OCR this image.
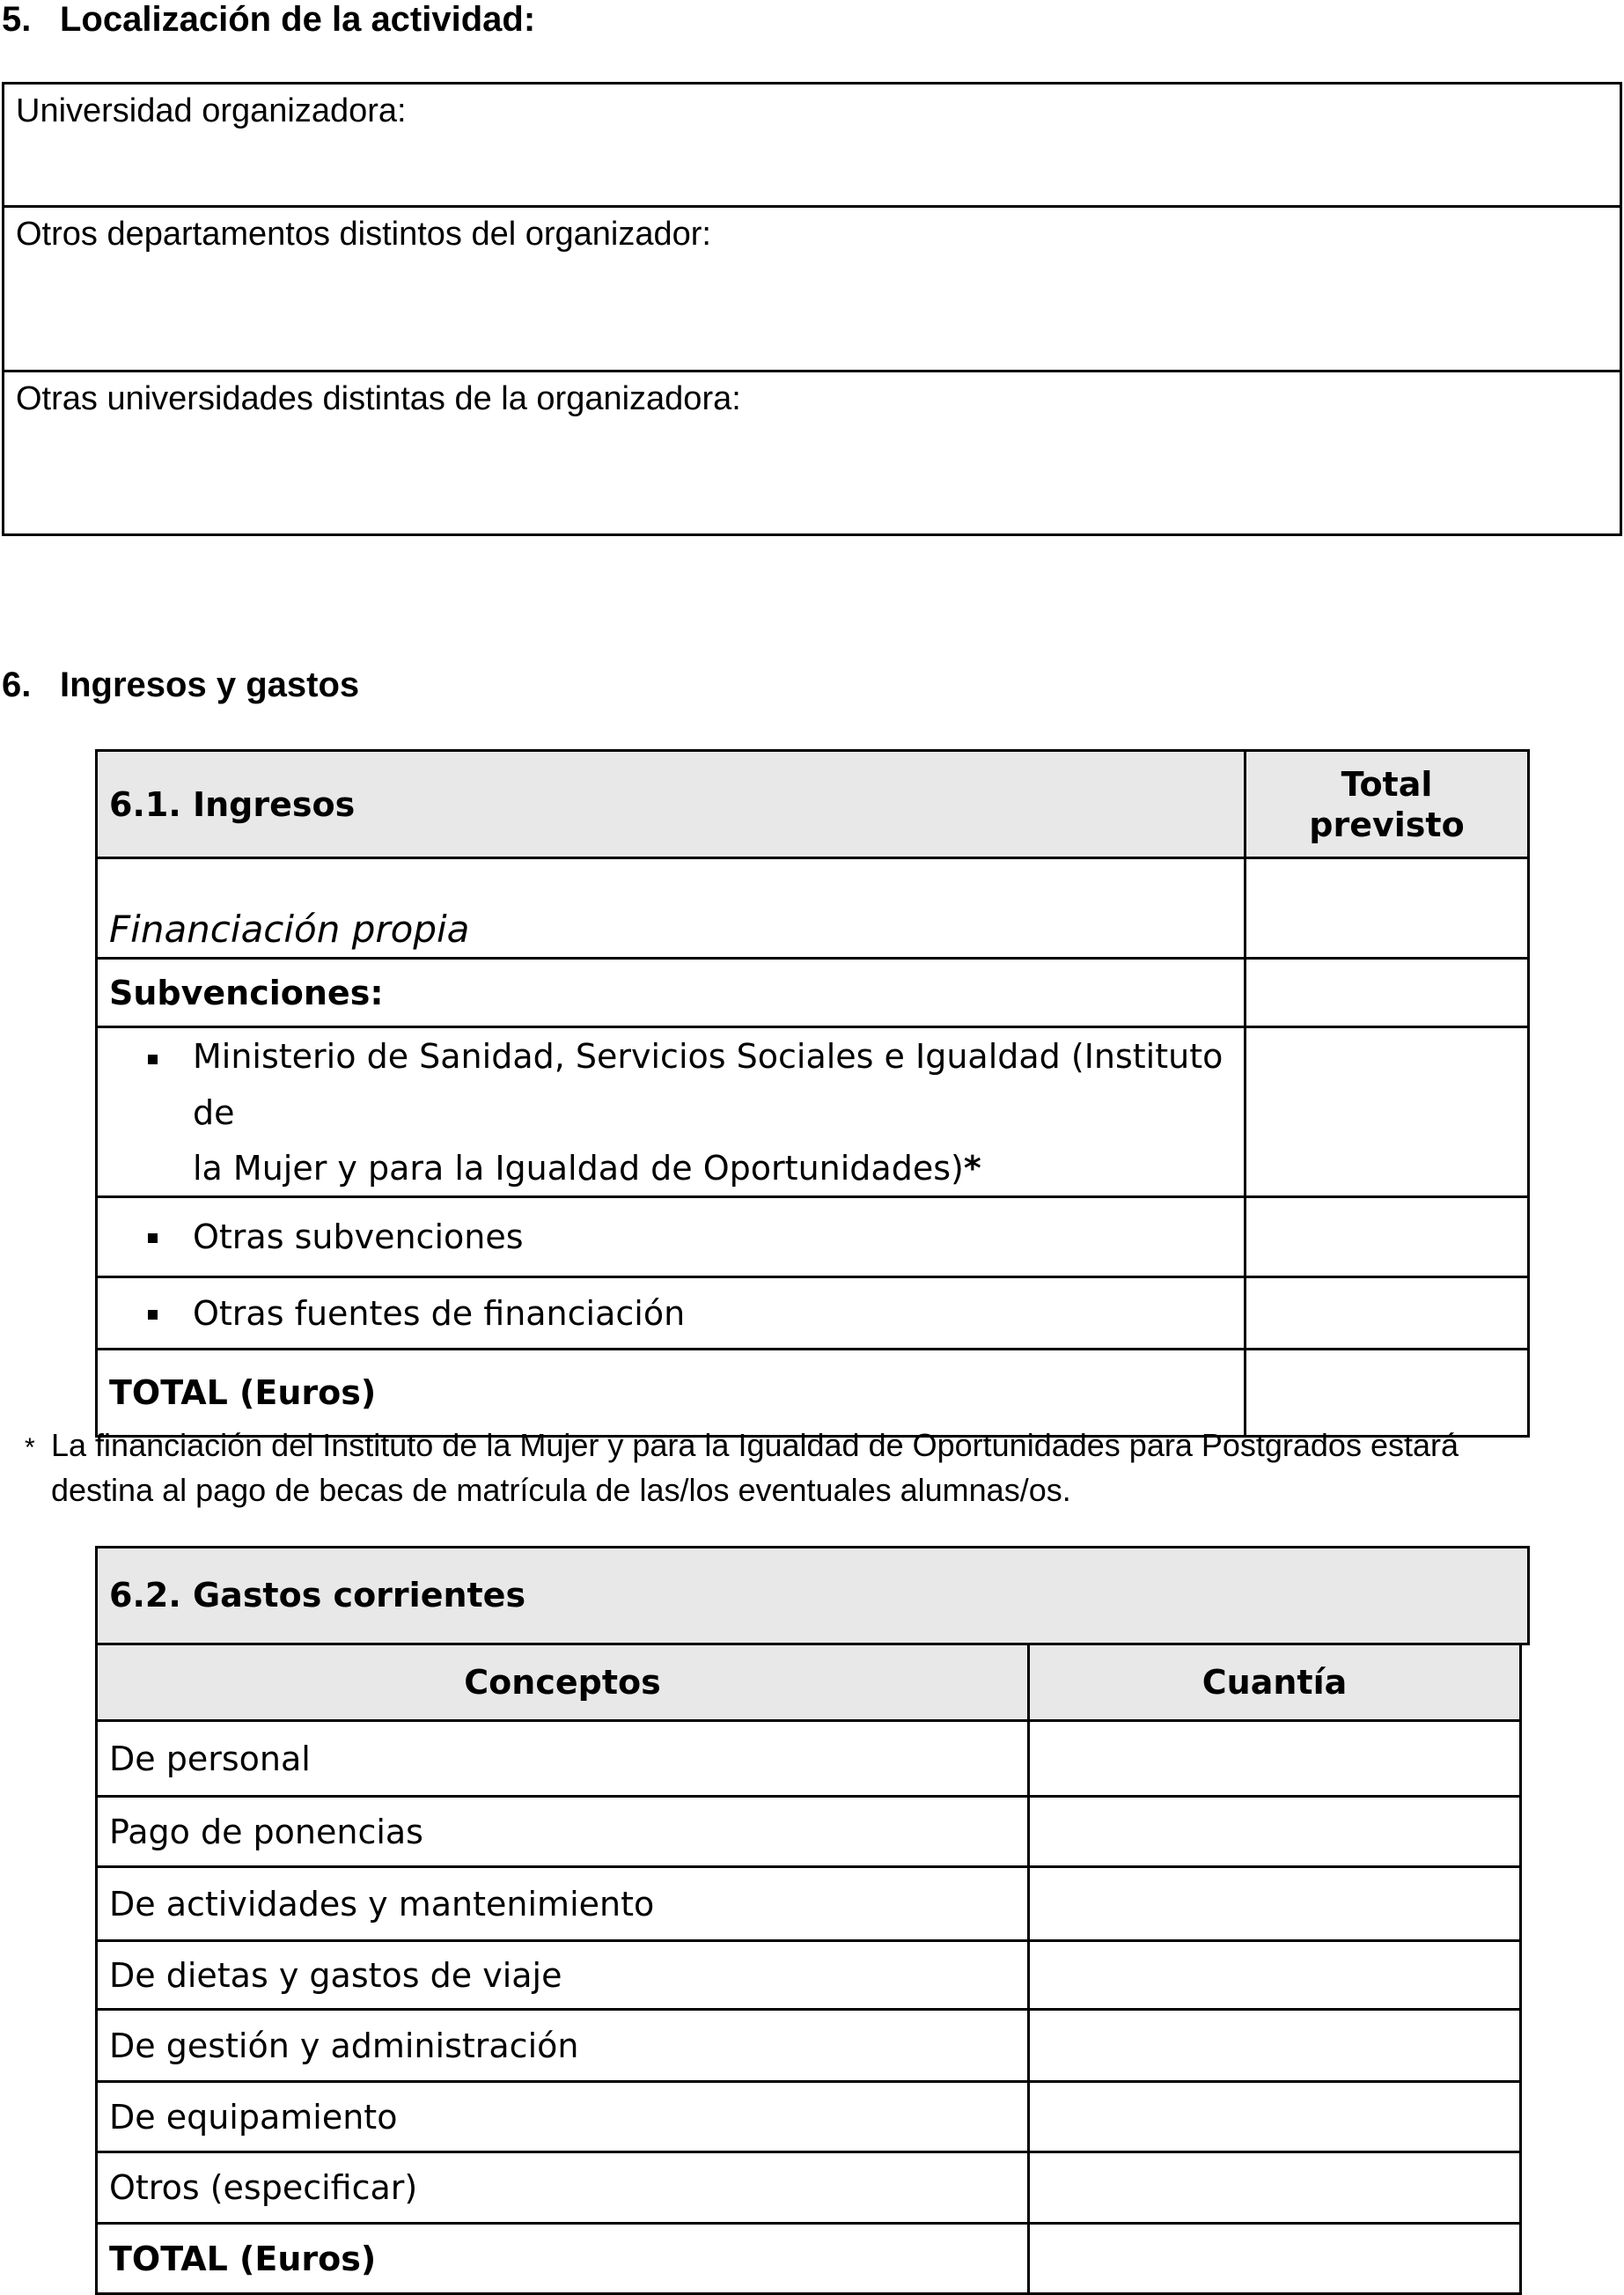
5. Localización de la actividad:
Universidad organizadora:
Otros departamentos distintos del organizador:
Otras universidades distintas de la organizadora:
6. Ingresos y gastos
6.1. Ingresos	Total
previsto

Financiación propia	
Subvenciones:	

Ministerio de Sanidad, Servicios Sociales e Igualdad (Instituto de
la Mujer y para la Igualdad de Oportunidades)*	

Otras subvenciones	

Otras fuentes de financiación	
TOTAL (Euros)	
* La financiación del Instituto de la Mujer y para la Igualdad de Oportunidades para Postgrados estará
destina al pago de becas de matrícula de las/los eventuales alumnas/os.
6.2. Gastos corrientes
Conceptos	Cuantía
De personal	
Pago de ponencias	
De actividades y mantenimiento	
De dietas y gastos de viaje	
De gestión y administración	
De equipamiento	
Otros (especificar)	
TOTAL (Euros)	
